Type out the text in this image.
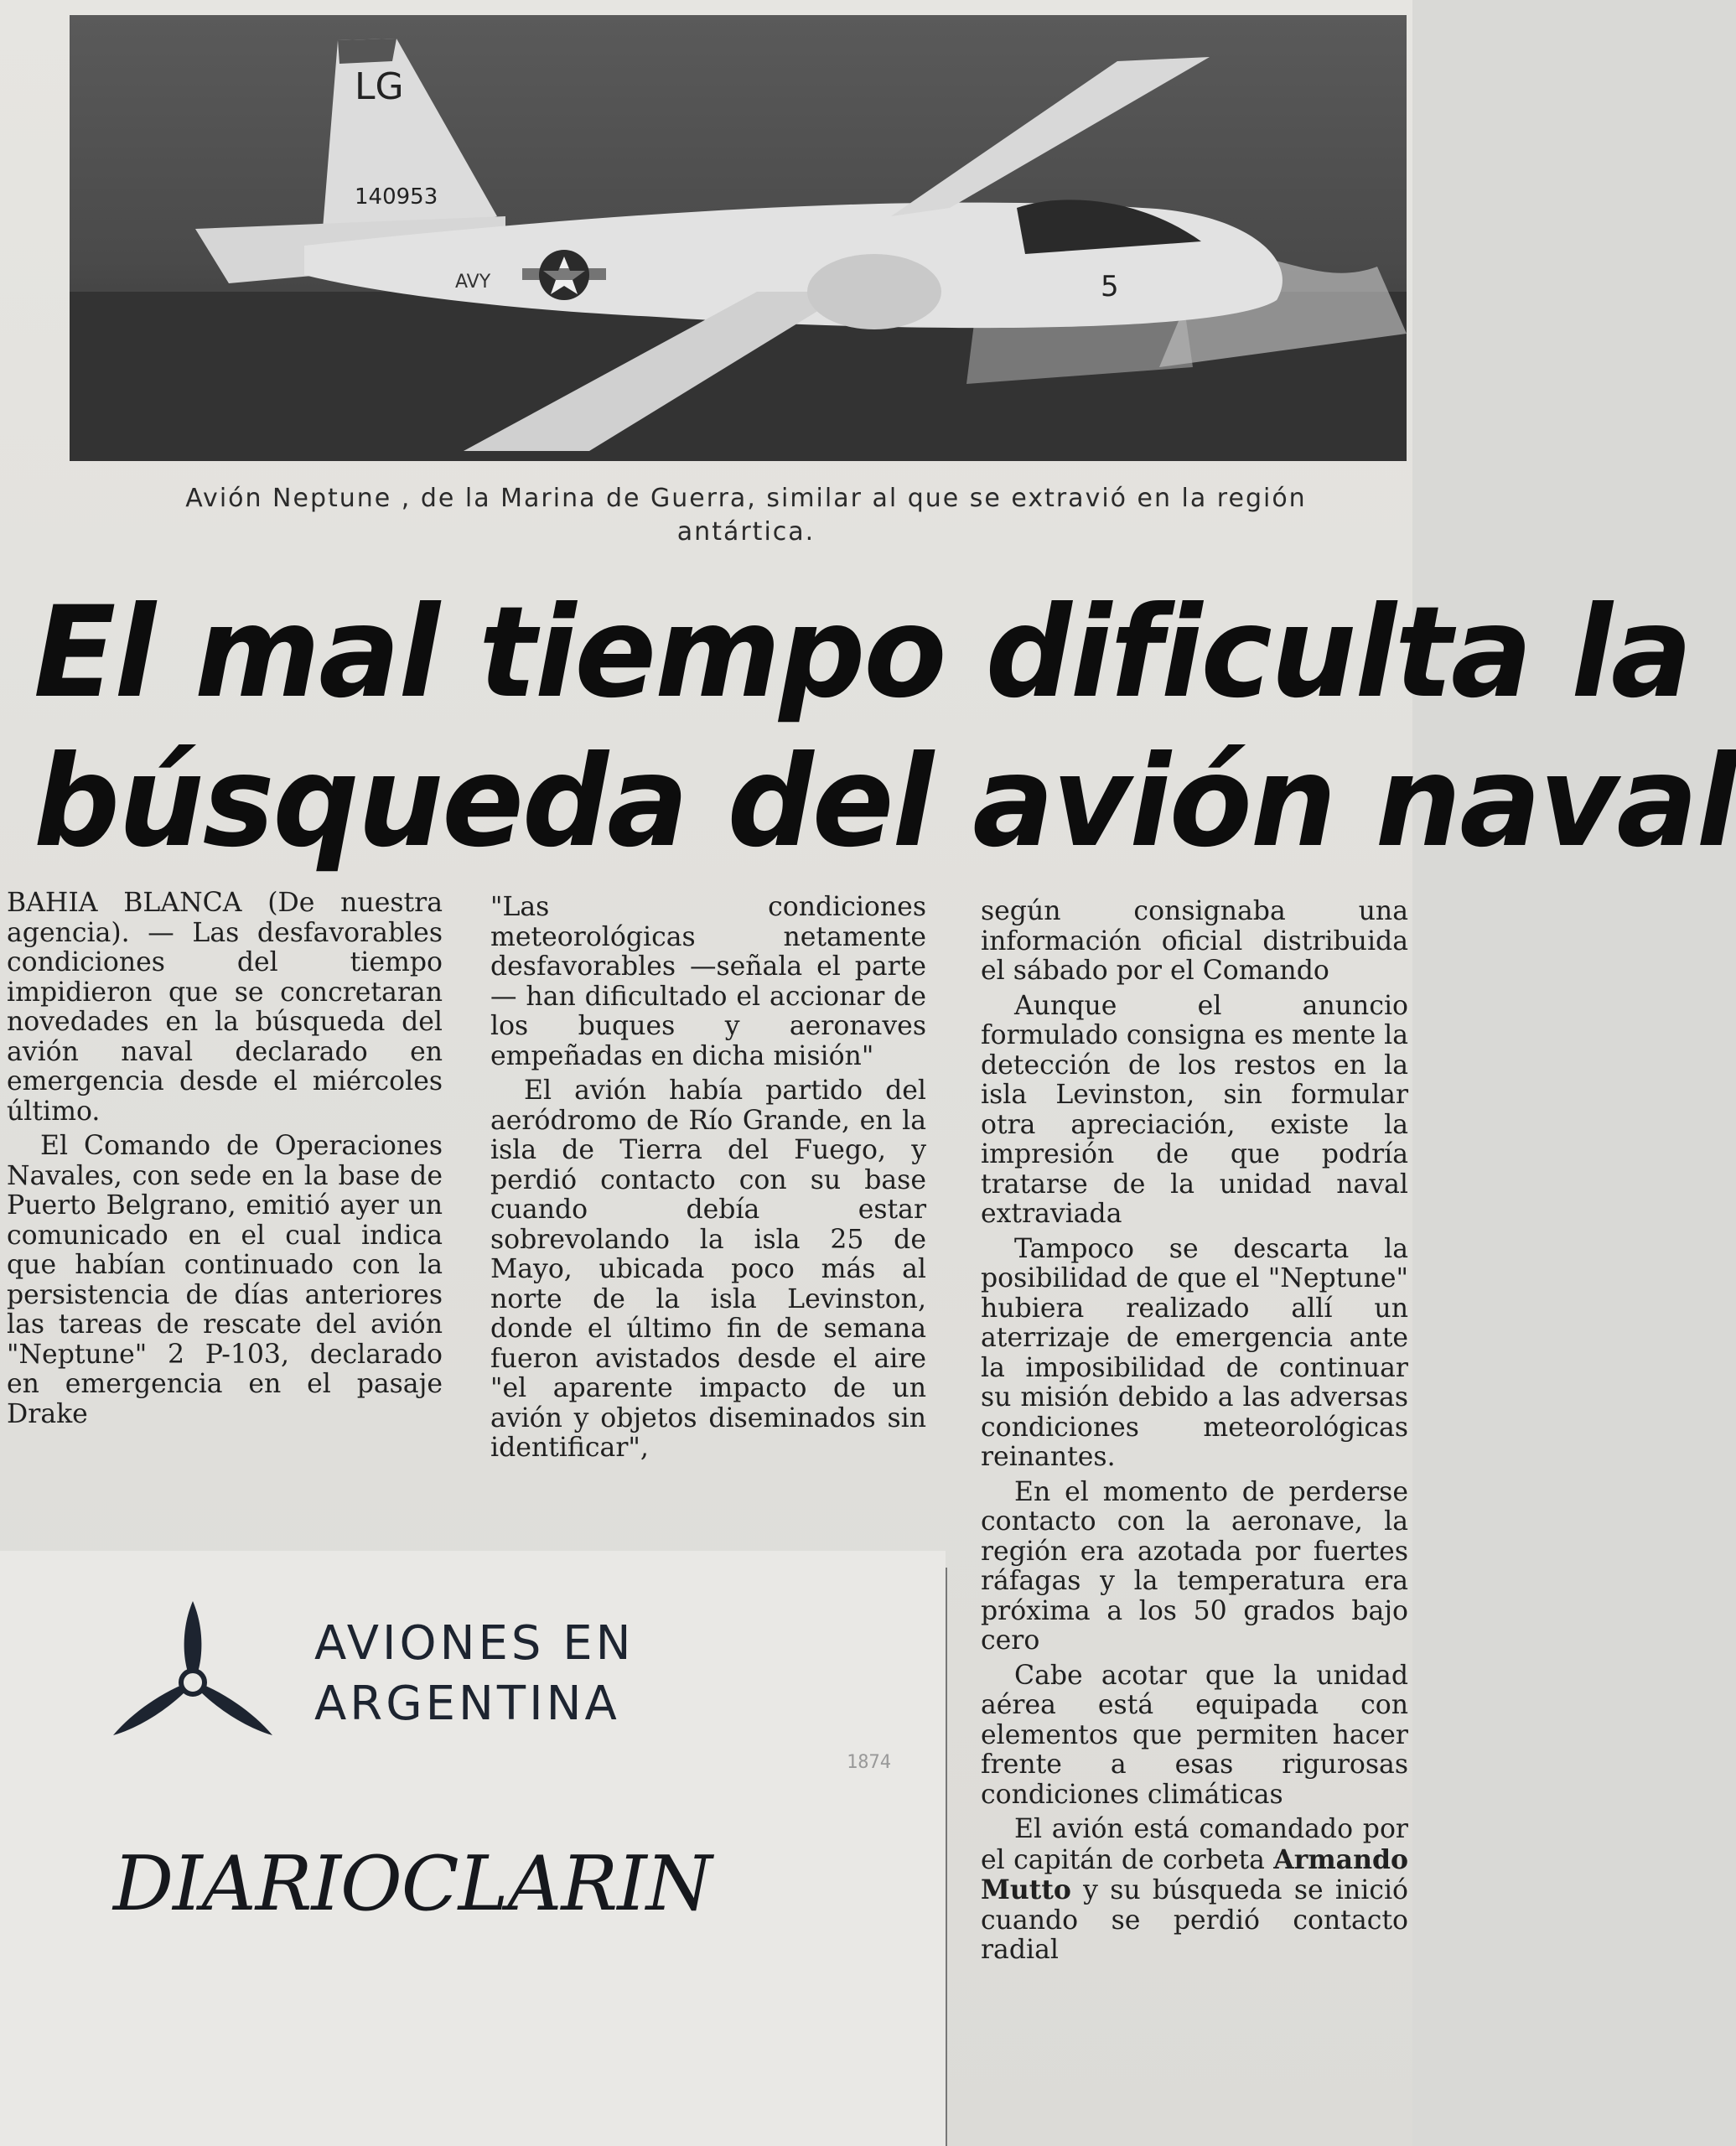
LG
140953
AVY	5
Avión Neptune , de la Marina de Guerra, similar al que se extravió en la región antártica.
El mal tiempo dificulta la
búsqueda del avión naval

BAHIA BLANCA (De nuestra agencia). — Las desfavorables condiciones del tiempo impidieron que se concretaran novedades en la búsqueda del avión naval declarado en emergencia desde el miércoles último.

El Comando de Operaciones Navales, con sede en la base de Puerto Belgrano, emitió ayer un comunicado en el cual indica que habían continuado con la persistencia de días anteriores las tareas de rescate del avión "Neptune" 2 P-103, declarado en emergencia en el pasaje Drake

"Las condiciones meteorológicas netamente desfavorables —señala el parte— han dificultado el accionar de los buques y aeronaves empeñadas en dicha misión"

El avión había partido del aeródromo de Río Grande, en la isla de Tierra del Fuego, y perdió contacto con su base cuando debía estar sobrevolando la isla 25 de Mayo, ubicada poco más al norte de la isla Levinston, donde el último fin de semana fueron avistados desde el aire "el aparente impacto de un avión y objetos diseminados sin identificar",

según consignaba una información oficial distribuida el sábado por el Comando

Aunque el anuncio formulado consigna es mente la detección de los restos en la isla Levinston, sin formular otra apreciación, existe la impresión de que podría tratarse de la unidad naval extraviada

Tampoco se descarta la posibilidad de que el "Neptune" hubiera realizado allí un aterrizaje de emergencia ante la imposibilidad de continuar su misión debido a las adversas condiciones meteorológicas reinantes.

En el momento de perderse contacto con la aeronave, la región era azotada por fuertes ráfagas y la temperatura era próxima a los 50 grados bajo cero

Cabe acotar que la unidad aérea está equipada con elementos que permiten hacer frente a esas rigurosas condiciones climáticas

El avión está comandado por el capitán de corbeta Armando Mutto y su búsqueda se inició cuando se perdió contacto radial

AVIONES EN
ARGENTINA
DIARIOCLARIN
1874
